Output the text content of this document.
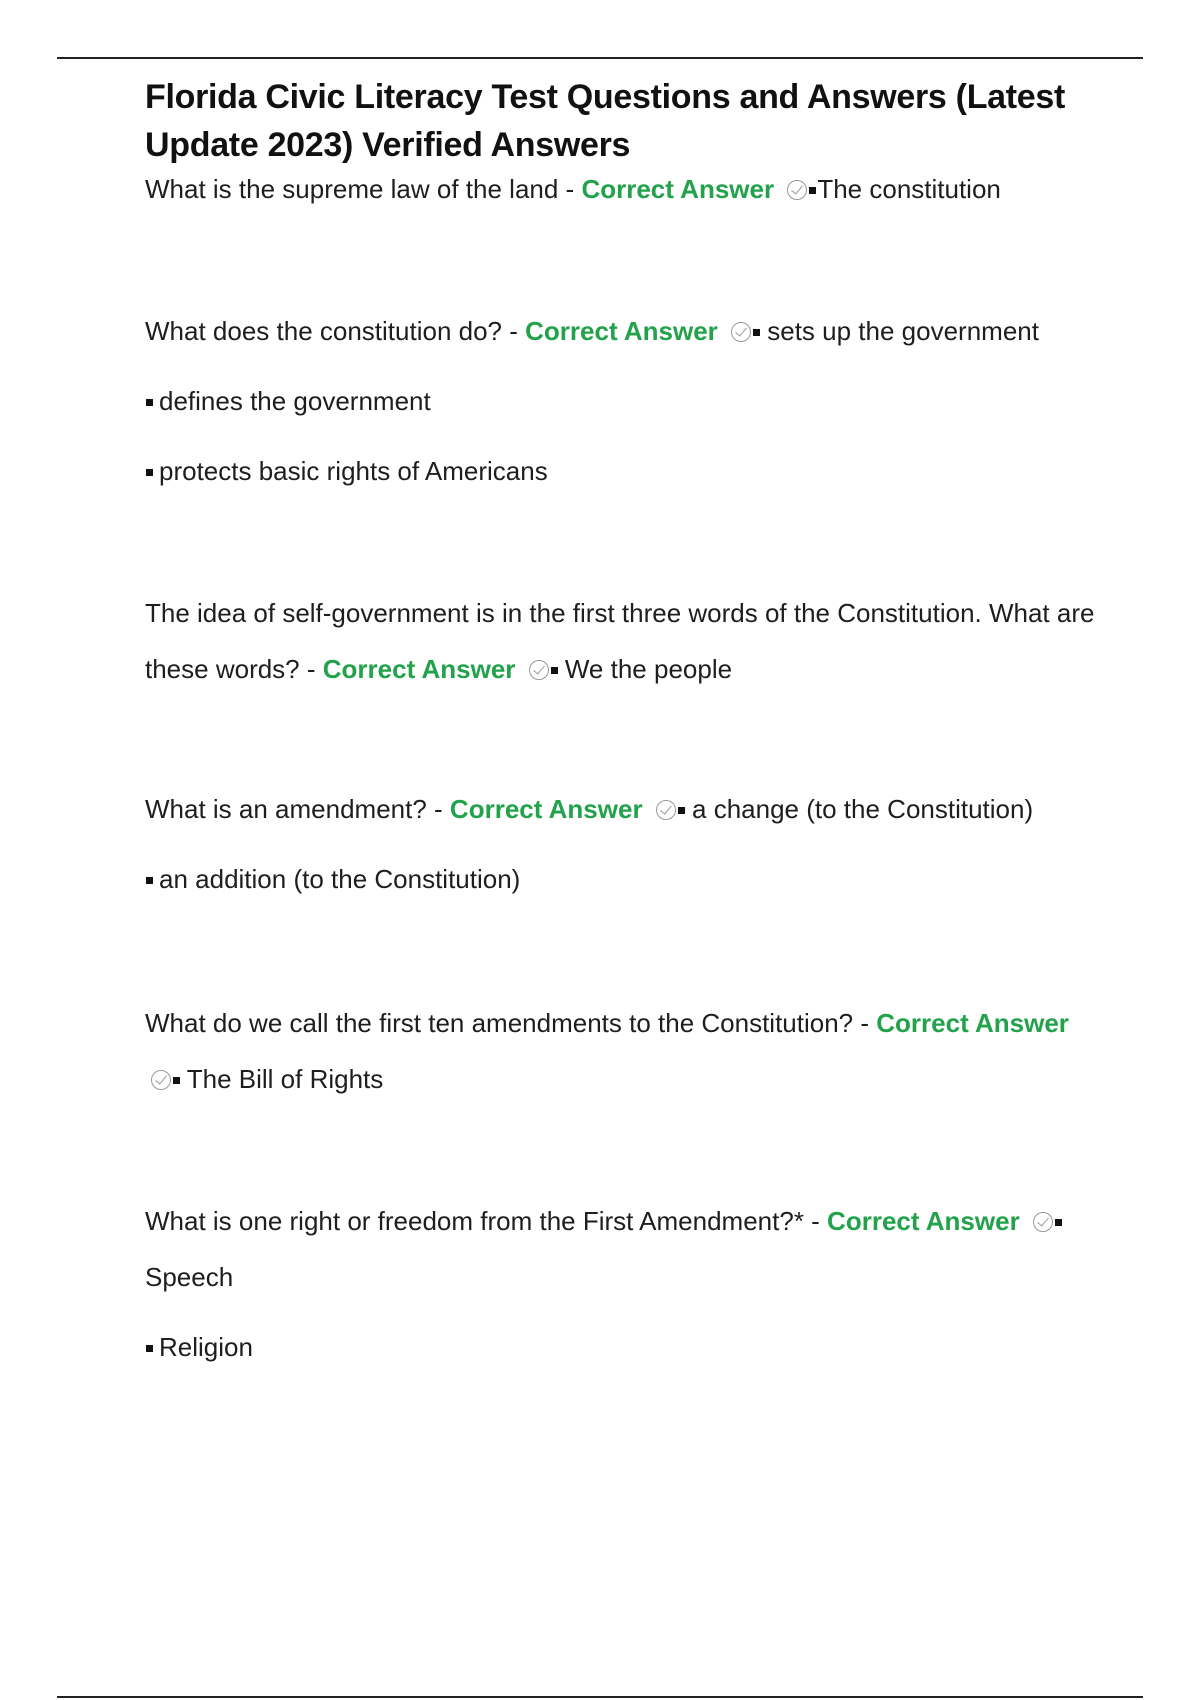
Florida Civic Literacy Test Questions and Answers (Latest Update 2023) Verified Answers

What is the supreme law of the land - Correct Answer The constitution

What does the constitution do? - Correct Answer  sets up the government

defines the government

protects basic rights of Americans

The idea of self-government is in the first three words of the Constitution. What are these words? - Correct Answer  We the people

What is an amendment? - Correct Answer  a change (to the Constitution)

an addition (to the Constitution)

What do we call the first ten amendments to the Constitution? - Correct Answer  The Bill of Rights

What is one right or freedom from the First Amendment?* - Correct Answer  Speech

Religion
